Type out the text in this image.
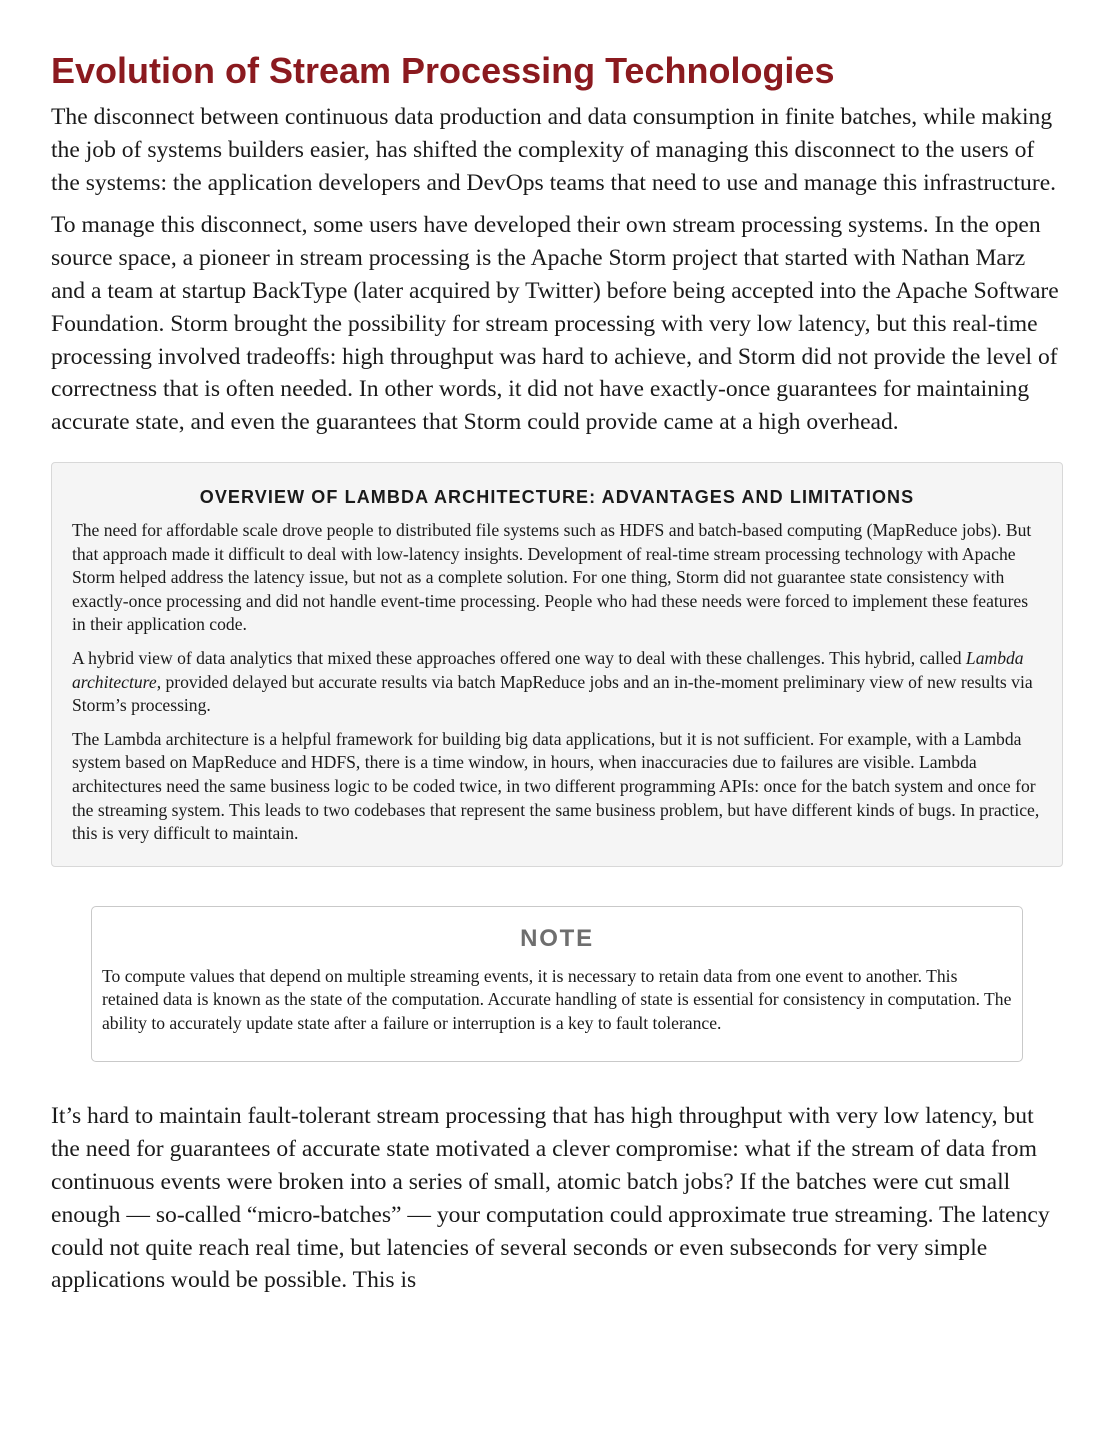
Evolution of Stream Processing Technologies

The disconnect between continuous data production and data consumption in finite batches, while making the job of systems builders easier, has shifted the complexity of managing this disconnect to the users of the systems: the application developers and DevOps teams that need to use and manage this infrastructure.

To manage this disconnect, some users have developed their own stream processing systems. In the open source space, a pioneer in stream processing is the Apache Storm project that started with Nathan Marz and a team at startup BackType (later acquired by Twitter) before being accepted into the Apache Software Foundation. Storm brought the possibility for stream processing with very low latency, but this real-time processing involved tradeoffs: high throughput was hard to achieve, and Storm did not provide the level of correctness that is often needed. In other words, it did not have exactly-once guarantees for maintaining accurate state, and even the guarantees that Storm could provide came at a high overhead.

OVERVIEW OF LAMBDA ARCHITECTURE: ADVANTAGES AND LIMITATIONS

The need for affordable scale drove people to distributed file systems such as HDFS and batch-based computing (MapReduce jobs). But that approach made it difficult to deal with low-latency insights. Development of real-time stream processing technology with Apache Storm helped address the latency issue, but not as a complete solution. For one thing, Storm did not guarantee state consistency with exactly-once processing and did not handle event-time processing. People who had these needs were forced to implement these features in their application code.

A hybrid view of data analytics that mixed these approaches offered one way to deal with these challenges. This hybrid, called Lambda architecture, provided delayed but accurate results via batch MapReduce jobs and an in-the-moment preliminary view of new results via Storm’s processing.

The Lambda architecture is a helpful framework for building big data applications, but it is not sufficient. For example, with a Lambda system based on MapReduce and HDFS, there is a time window, in hours, when inaccuracies due to failures are visible. Lambda architectures need the same business logic to be coded twice, in two different programming APIs: once for the batch system and once for the streaming system. This leads to two codebases that represent the same business problem, but have different kinds of bugs. In practice, this is very difficult to maintain.

NOTE

To compute values that depend on multiple streaming events, it is necessary to retain data from one event to another. This retained data is known as the state of the computation. Accurate handling of state is essential for consistency in computation. The ability to accurately update state after a failure or interruption is a key to fault tolerance.

It’s hard to maintain fault-tolerant stream processing that has high throughput with very low latency, but the need for guarantees of accurate state motivated a clever compromise: what if the stream of data from continuous events were broken into a series of small, atomic batch jobs? If the batches were cut small enough — so-called “micro-batches” — your computation could approximate true streaming. The latency could not quite reach real time, but latencies of several seconds or even subseconds for very simple applications would be possible. This is
